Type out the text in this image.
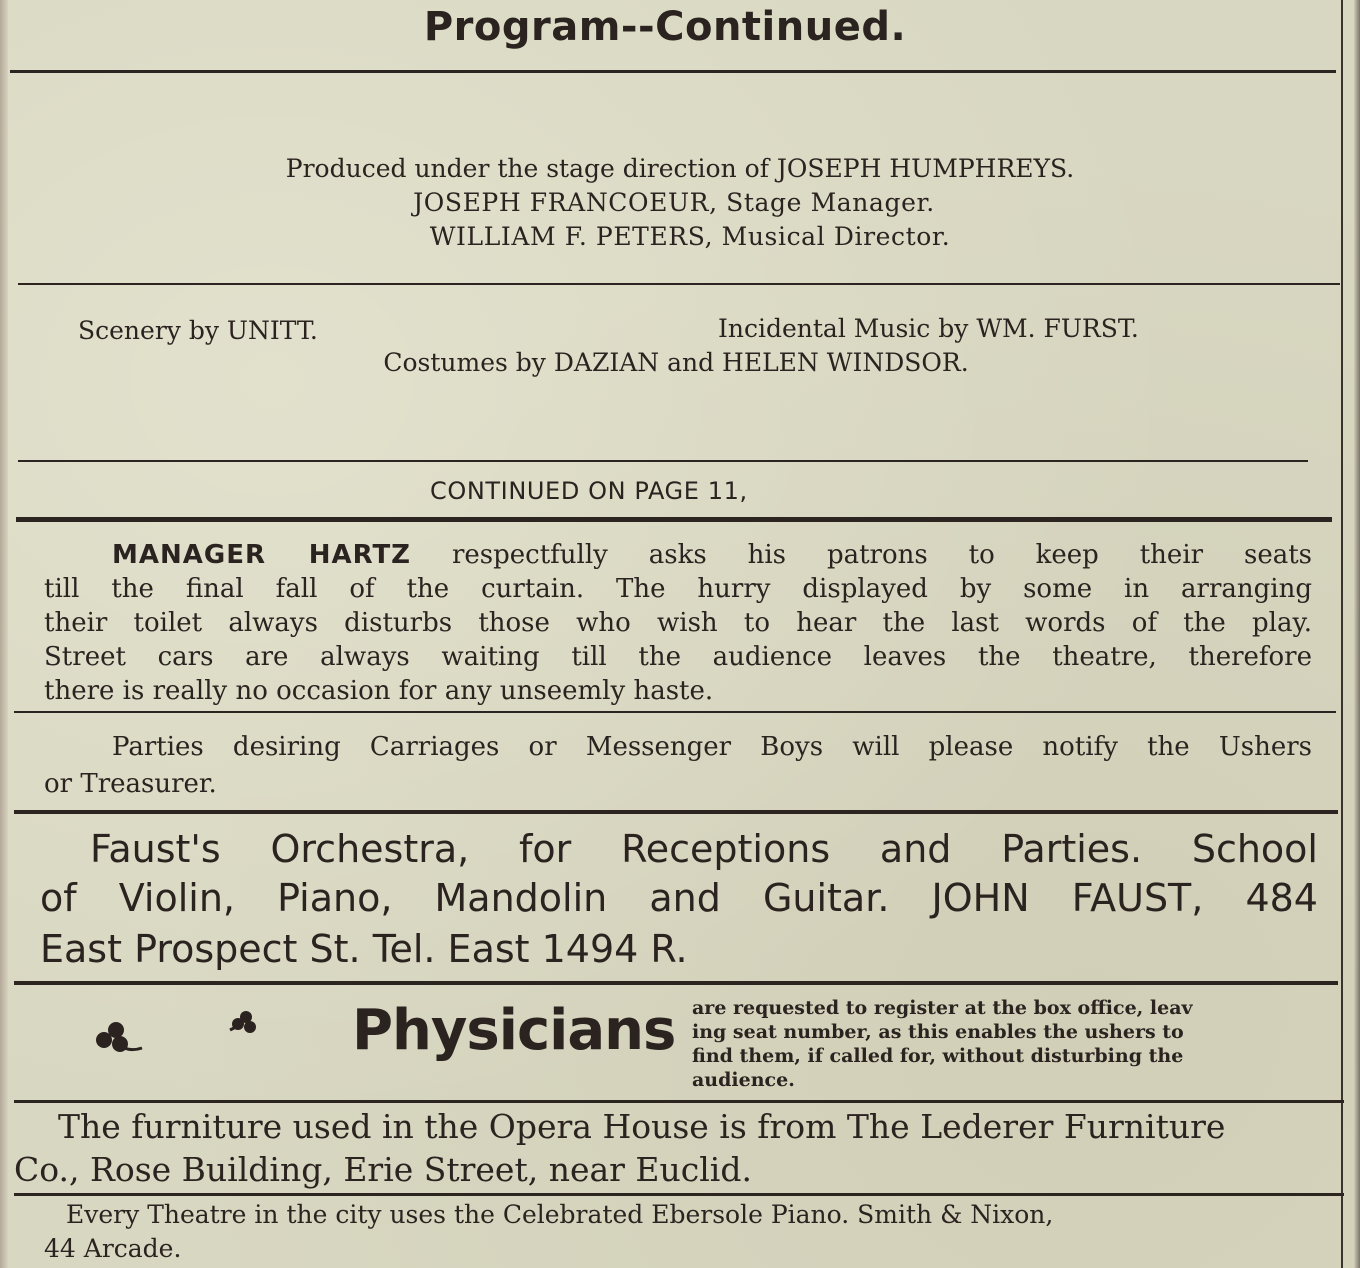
Program--Continued.
Produced under the stage direction of JOSEPH HUMPHREYS.
JOSEPH FRANCOEUR, Stage Manager.
WILLIAM F. PETERS, Musical Director.
Scenery by UNITT.	Incidental Music by WM. FURST.
Costumes by DAZIAN and HELEN WINDSOR.
CONTINUED ON PAGE 11,
MANAGER HARTZ respectfully asks his patrons to keep their seats
till the final fall of the curtain. The hurry displayed by some in arranging
their toilet always disturbs those who wish to hear the last words of the play.
Street cars are always waiting till the audience leaves the theatre, therefore
there is really no occasion for any unseemly haste.
Parties desiring Carriages or Messenger Boys will please notify the Ushers
or Treasurer.
Faust's Orchestra, for Receptions and Parties. School
of Violin, Piano, Mandolin and Guitar. JOHN FAUST, 484
East Prospect St. Tel. East 1494 R.
Physicians are requested to register at the box office, leav
ing seat number, as this enables the ushers to
find them, if called for, without disturbing the
audience.
The furniture used in the Opera House is from The Lederer Furniture
Co., Rose Building, Erie Street, near Euclid.
Every Theatre in the city uses the Celebrated Ebersole Piano. Smith & Nixon,
44 Arcade.
